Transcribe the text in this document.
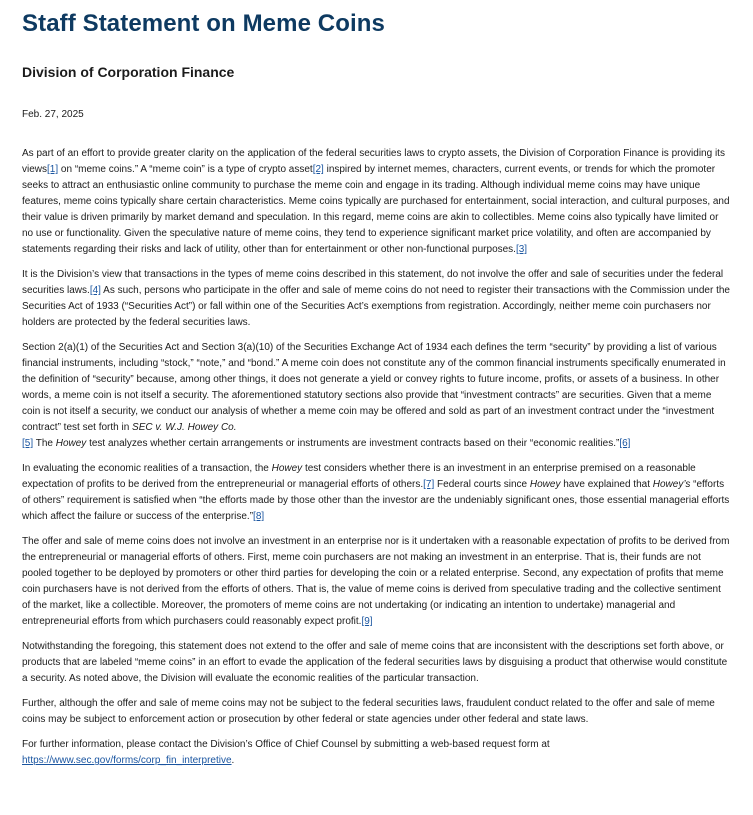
Staff Statement on Meme Coins
Division of Corporation Finance
Feb. 27, 2025

As part of an effort to provide greater clarity on the application of the federal securities laws to crypto assets, the Division of Corporation Finance is providing its views[1] on “meme coins.” A “meme coin” is a type of crypto asset[2] inspired by internet memes, characters, current events, or trends for which the promoter seeks to attract an enthusiastic online community to purchase the meme coin and engage in its trading. Although individual meme coins may have unique features, meme coins typically share certain characteristics. Meme coins typically are purchased for entertainment, social interaction, and cultural purposes, and their value is driven primarily by market demand and speculation. In this regard, meme coins are akin to collectibles. Meme coins also typically have limited or no use or functionality. Given the speculative nature of meme coins, they tend to experience significant market price volatility, and often are accompanied by statements regarding their risks and lack of utility, other than for entertainment or other non-functional purposes.[3]

It is the Division’s view that transactions in the types of meme coins described in this statement, do not involve the offer and sale of securities under the federal securities laws.[4] As such, persons who participate in the offer and sale of meme coins do not need to register their transactions with the Commission under the Securities Act of 1933 (“Securities Act”) or fall within one of the Securities Act’s exemptions from registration. Accordingly, neither meme coin purchasers nor holders are protected by the federal securities laws.

Section 2(a)(1) of the Securities Act and Section 3(a)(10) of the Securities Exchange Act of 1934 each defines the term “security” by providing a list of various financial instruments, including “stock,” “note,” and “bond.” A meme coin does not constitute any of the common financial instruments specifically enumerated in the definition of “security” because, among other things, it does not generate a yield or convey rights to future income, profits, or assets of a business. In other words, a meme coin is not itself a security. The aforementioned statutory sections also provide that “investment contracts” are securities. Given that a meme coin is not itself a security, we conduct our analysis of whether a meme coin may be offered and sold as part of an investment contract under the “investment contract” test set forth in SEC v. W.J. Howey Co.
[5] The Howey test analyzes whether certain arrangements or instruments are investment contracts based on their “economic realities.”[6]

In evaluating the economic realities of a transaction, the Howey test considers whether there is an investment in an enterprise premised on a reasonable expectation of profits to be derived from the entrepreneurial or managerial efforts of others.[7] Federal courts since Howey have explained that Howey’s “efforts of others” requirement is satisfied when “the efforts made by those other than the investor are the undeniably significant ones, those essential managerial efforts which affect the failure or success of the enterprise.”[8]

The offer and sale of meme coins does not involve an investment in an enterprise nor is it undertaken with a reasonable expectation of profits to be derived from the entrepreneurial or managerial efforts of others. First, meme coin purchasers are not making an investment in an enterprise. That is, their funds are not pooled together to be deployed by promoters or other third parties for developing the coin or a related enterprise. Second, any expectation of profits that meme coin purchasers have is not derived from the efforts of others. That is, the value of meme coins is derived from speculative trading and the collective sentiment of the market, like a collectible. Moreover, the promoters of meme coins are not undertaking (or indicating an intention to undertake) managerial and entrepreneurial efforts from which purchasers could reasonably expect profit.[9]

Notwithstanding the foregoing, this statement does not extend to the offer and sale of meme coins that are inconsistent with the descriptions set forth above, or products that are labeled “meme coins” in an effort to evade the application of the federal securities laws by disguising a product that otherwise would constitute a security. As noted above, the Division will evaluate the economic realities of the particular transaction.

Further, although the offer and sale of meme coins may not be subject to the federal securities laws, fraudulent conduct related to the offer and sale of meme coins may be subject to enforcement action or prosecution by other federal or state agencies under other federal and state laws.

For further information, please contact the Division’s Office of Chief Counsel by submitting a web-based request form at https://www.sec.gov/forms/corp_fin_interpretive.
